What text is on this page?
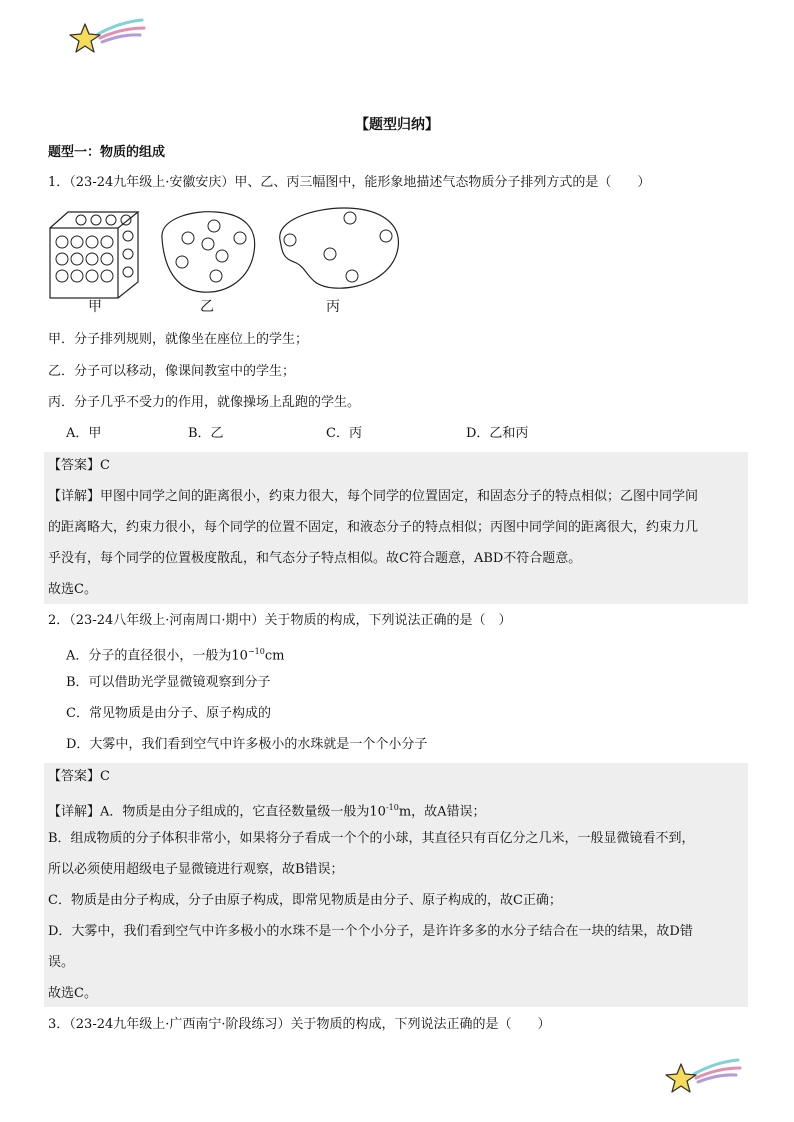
【题型归纳】
题型一：物质的组成
1．（23-24九年级上·安徽安庆）甲、乙、丙三幅图中，能形象地描述气态物质分子排列方式的是（　　）
甲	乙	丙
甲．分子排列规则，就像坐在座位上的学生；
乙．分子可以移动，像课间教室中的学生；
丙．分子几乎不受力的作用，就像操场上乱跑的学生。
A．甲	B．乙	C．丙	D．乙和丙
【答案】C
【详解】甲图中同学之间的距离很小，约束力很大，每个同学的位置固定，和固态分子的特点相似；乙图中同学间
的距离略大，约束力很小，每个同学的位置不固定，和液态分子的特点相似；丙图中同学间的距离很大，约束力几
乎没有，每个同学的位置极度散乱，和气态分子特点相似。故C符合题意，ABD不符合题意。
故选C。
2．（23-24八年级上·河南周口·期中）关于物质的构成，下列说法正确的是（　）
A．分子的直径很小，一般为$10^{-10}cm$
B．可以借助光学显微镜观察到分子
C．常见物质是由分子、原子构成的
D．大雾中，我们看到空气中许多极小的水珠就是一个个小分子
【答案】C
【详解】A．物质是由分子组成的，它直径数量级一般为$10^{-10}m$，故A错误；
B．组成物质的分子体积非常小，如果将分子看成一个个的小球，其直径只有百亿分之几米，一般显微镜看不到，
所以必须使用超级电子显微镜进行观察，故B错误；
C．物质是由分子构成，分子由原子构成，即常见物质是由分子、原子构成的，故C正确；
D．大雾中，我们看到空气中许多极小的水珠不是一个个小分子，是许许多多的水分子结合在一块的结果，故D错
误。
故选C。
3．（23-24九年级上·广西南宁·阶段练习）关于物质的构成，下列说法正确的是（　　）
